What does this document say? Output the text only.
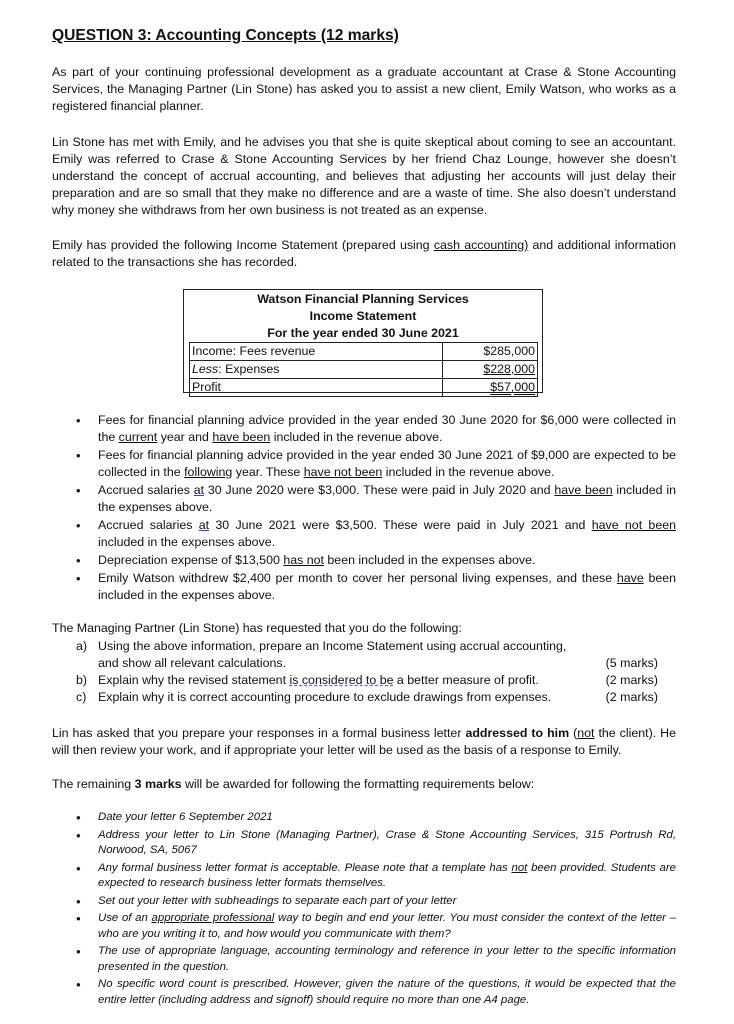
QUESTION 3: Accounting Concepts (12 marks)

As part of your continuing professional development as a graduate accountant at Crase & Stone Accounting Services, the Managing Partner (Lin Stone) has asked you to assist a new client, Emily Watson, who works as a registered financial planner.

Lin Stone has met with Emily, and he advises you that she is quite skeptical about coming to see an accountant. Emily was referred to Crase & Stone Accounting Services by her friend Chaz Lounge, however she doesn’t understand the concept of accrual accounting, and believes that adjusting her accounts will just delay their preparation and are so small that they make no difference and are a waste of time. She also doesn’t understand why money she withdraws from her own business is not treated as an expense.

Emily has provided the following Income Statement (prepared using cash accounting) and additional information related to the transactions she has recorded.

Watson Financial Planning Services
Income Statement
For the year ended 30 June 2021
Income: Fees revenue	$285,000
Less: Expenses	$228,000
Profit	$57,000
• Fees for financial planning advice provided in the year ended 30 June 2020 for $6,000 were collected in the current year and have been included in the revenue above.
• Fees for financial planning advice provided in the year ended 30 June 2021 of $9,000 are expected to be collected in the following year. These have not been included in the revenue above.
• Accrued salaries at 30 June 2020 were $3,000. These were paid in July 2020 and have been included in the expenses above.
• Accrued salaries at 30 June 2021 were $3,500. These were paid in July 2021 and have not been included in the expenses above.
• Depreciation expense of $13,500 has not been included in the expenses above.
• Emily Watson withdrew $2,400 per month to cover her personal living expenses, and these have been included in the expenses above.

The Managing Partner (Lin Stone) has requested that you do the following:

a) Using the above information, prepare an Income Statement using accrual accounting, and show all relevant calculations.	(5 marks)
b) Explain why the revised statement is considered to be a better measure of profit.	(2 marks)
c) Explain why it is correct accounting procedure to exclude drawings from expenses.	(2 marks)

Lin has asked that you prepare your responses in a formal business letter addressed to him (not the client). He will then review your work, and if appropriate your letter will be used as the basis of a response to Emily.

The remaining 3 marks will be awarded for following the formatting requirements below:

• Date your letter 6 September 2021
• Address your letter to Lin Stone (Managing Partner), Crase & Stone Accounting Services, 315 Portrush Rd, Norwood, SA, 5067
• Any formal business letter format is acceptable. Please note that a template has not been provided. Students are expected to research business letter formats themselves.
• Set out your letter with subheadings to separate each part of your letter
• Use of an appropriate professional way to begin and end your letter. You must consider the context of the letter – who are you writing it to, and how would you communicate with them?
• The use of appropriate language, accounting terminology and reference in your letter to the specific information presented in the question.
• No specific word count is prescribed. However, given the nature of the questions, it would be expected that the entire letter (including address and signoff) should require no more than one A4 page.
